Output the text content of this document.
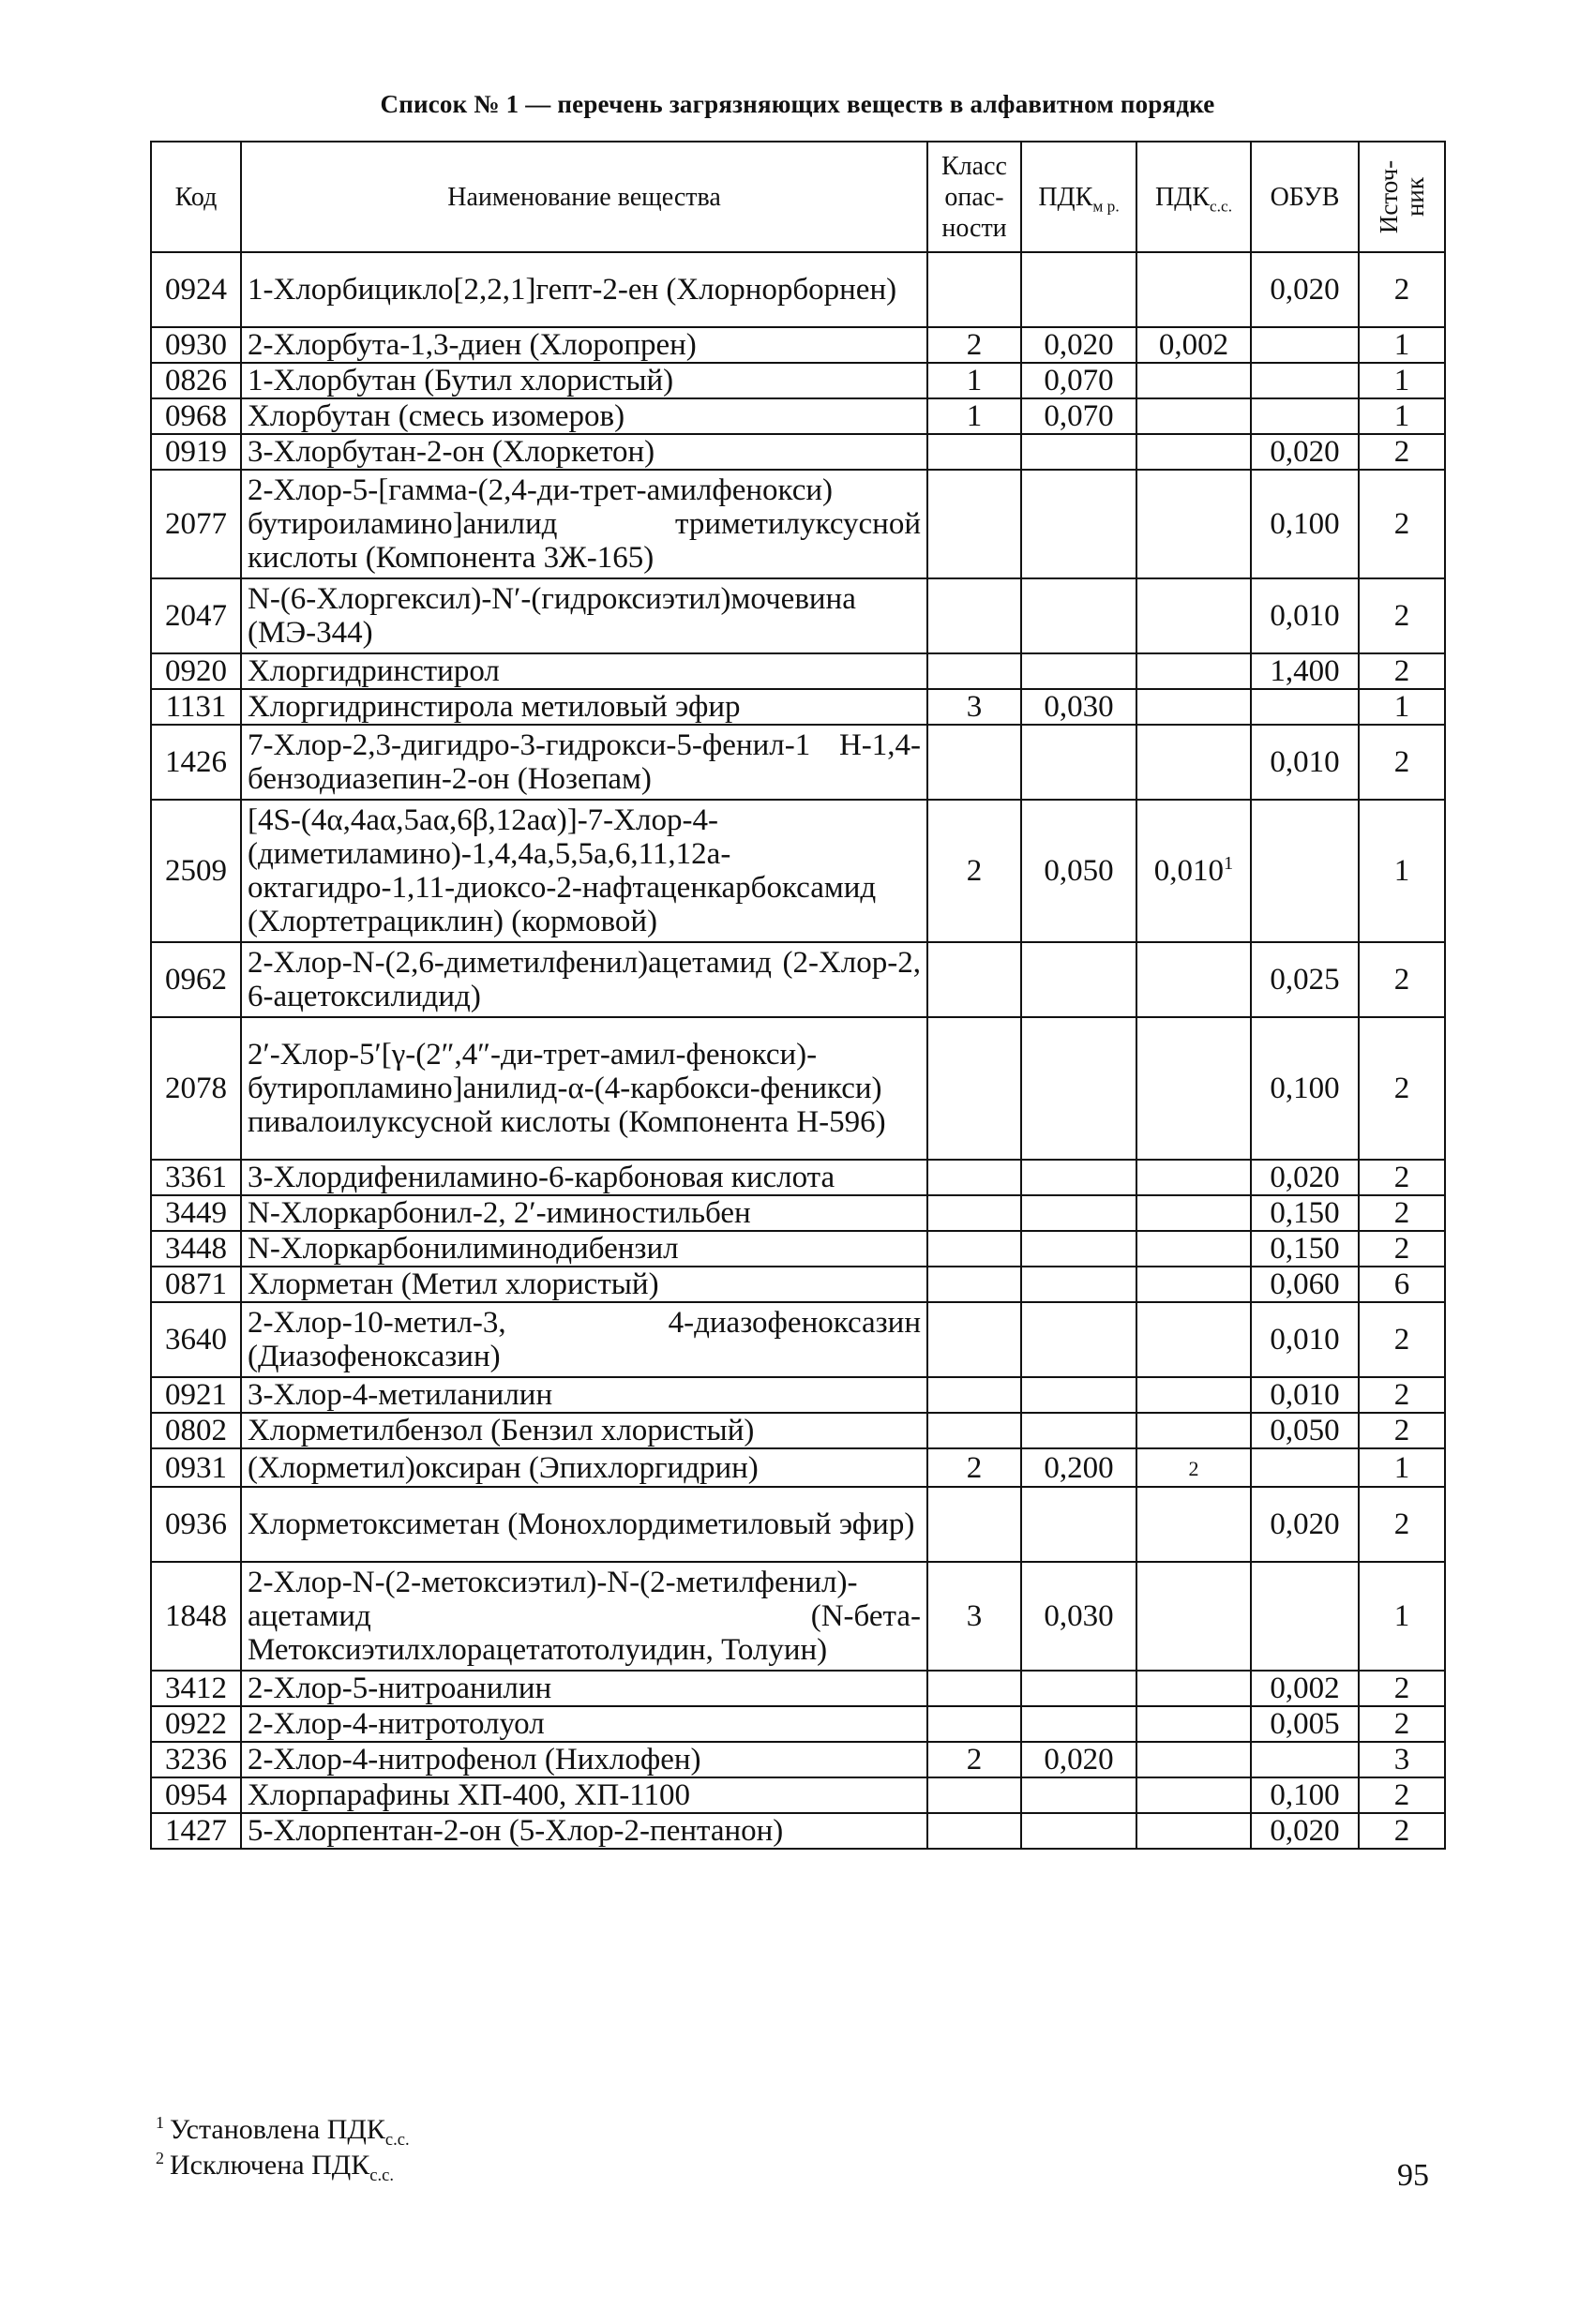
Список № 1 — перечень загрязняющих веществ в алфавитном порядке
Код	Наименование вещества	Класс опас- ности	$ПДК_{м р.}$	$ПДК_{с.с.}$	ОБУВ	Источ- ник

0924	1-Хлорбицикло[2,2,1]гепт-2-ен (Хлорнорборнен)				0,020	2
0930	2-Хлорбута-1,3-диен (Хлоропрен)	2	0,020	0,002		1
0826	1-Хлорбутан (Бутил хлористый)	1	0,070			1
0968	Хлорбутан (смесь изомеров)	1	0,070			1
0919	3-Хлорбутан-2-он (Хлоркетон)				0,020	2
2077	2-Хлор-5-[гамма-(2,4-ди-трет-амилфенокси) бутироиламино]анилид триметилуксусной кислоты (Компонента 3Ж-165)				0,100	2
2047	N-(6-Хлоргексил)-N′-(гидроксиэтил)мочевина (МЭ-344)				0,010	2
0920	Хлоргидринстирол				1,400	2
1131	Хлоргидринстирола метиловый эфир	3	0,030			1
1426	7-Хлор-2,3-дигидро-3-гидрокси-5-фенил-1 Н-1,4-бензодиазепин-2-он (Нозепам)				0,010	2
2509	[4S-(4α,4aα,5aα,6β,12aα)]-7-Хлор-4-(диметиламино)-1,4,4a,5,5a,6,11,12a-октагидро-1,11-диоксо-2-нафтаценкарбоксамид (Хлортетрациклин) (кормовой)	2	0,050	0,010$^1$		1
0962	2-Хлор-N-(2,6-диметилфенил)ацетамид (2-Хлор-2, 6-ацетоксилидид)				0,025	2
2078	2′-Хлор-5′[γ-(2″,4″-ди-трет-амил-фенокси)-бутиропламино]анилид-α-(4-карбокси-феникси) пивалоилуксусной кислоты (Компонента Н-596)				0,100	2
3361	3-Хлордифениламино-6-карбоновая кислота				0,020	2
3449	N-Хлоркарбонил-2, 2′-иминостильбен				0,150	2
3448	N-Хлоркарбонилиминодибензил				0,150	2
0871	Хлорметан (Метил хлористый)				0,060	6
3640	2-Хлор-10-метил-3, 4-диазофеноксазин (Диазофеноксазин)				0,010	2
0921	3-Хлор-4-метиланилин				0,010	2
0802	Хлорметилбензол (Бензил хлористый)				0,050	2
0931	(Хлорметил)оксиран (Эпихлоргидрин)	2	0,200	2		1
0936	Хлорметоксиметан (Монохлордиметиловый эфир)				0,020	2
1848	2-Хлор-N-(2-метоксиэтил)-N-(2-метилфенил)-ацетамид (N-бета-Метоксиэтилхлорацетатотолуидин, Толуин)	3	0,030			1
3412	2-Хлор-5-нитроанилин				0,002	2
0922	2-Хлор-4-нитротолуол				0,005	2
3236	2-Хлор-4-нитрофенол (Нихлофен)	2	0,020			3
0954	Хлорпарафины ХП-400, ХП-1100				0,100	2
1427	5-Хлорпентан-2-он (5-Хлор-2-пентанон)				0,020	2
$^1$ Установлена $ПДК_{с.с.}$
$^2$ Исключена $ПДК_{с.с.}$	95
